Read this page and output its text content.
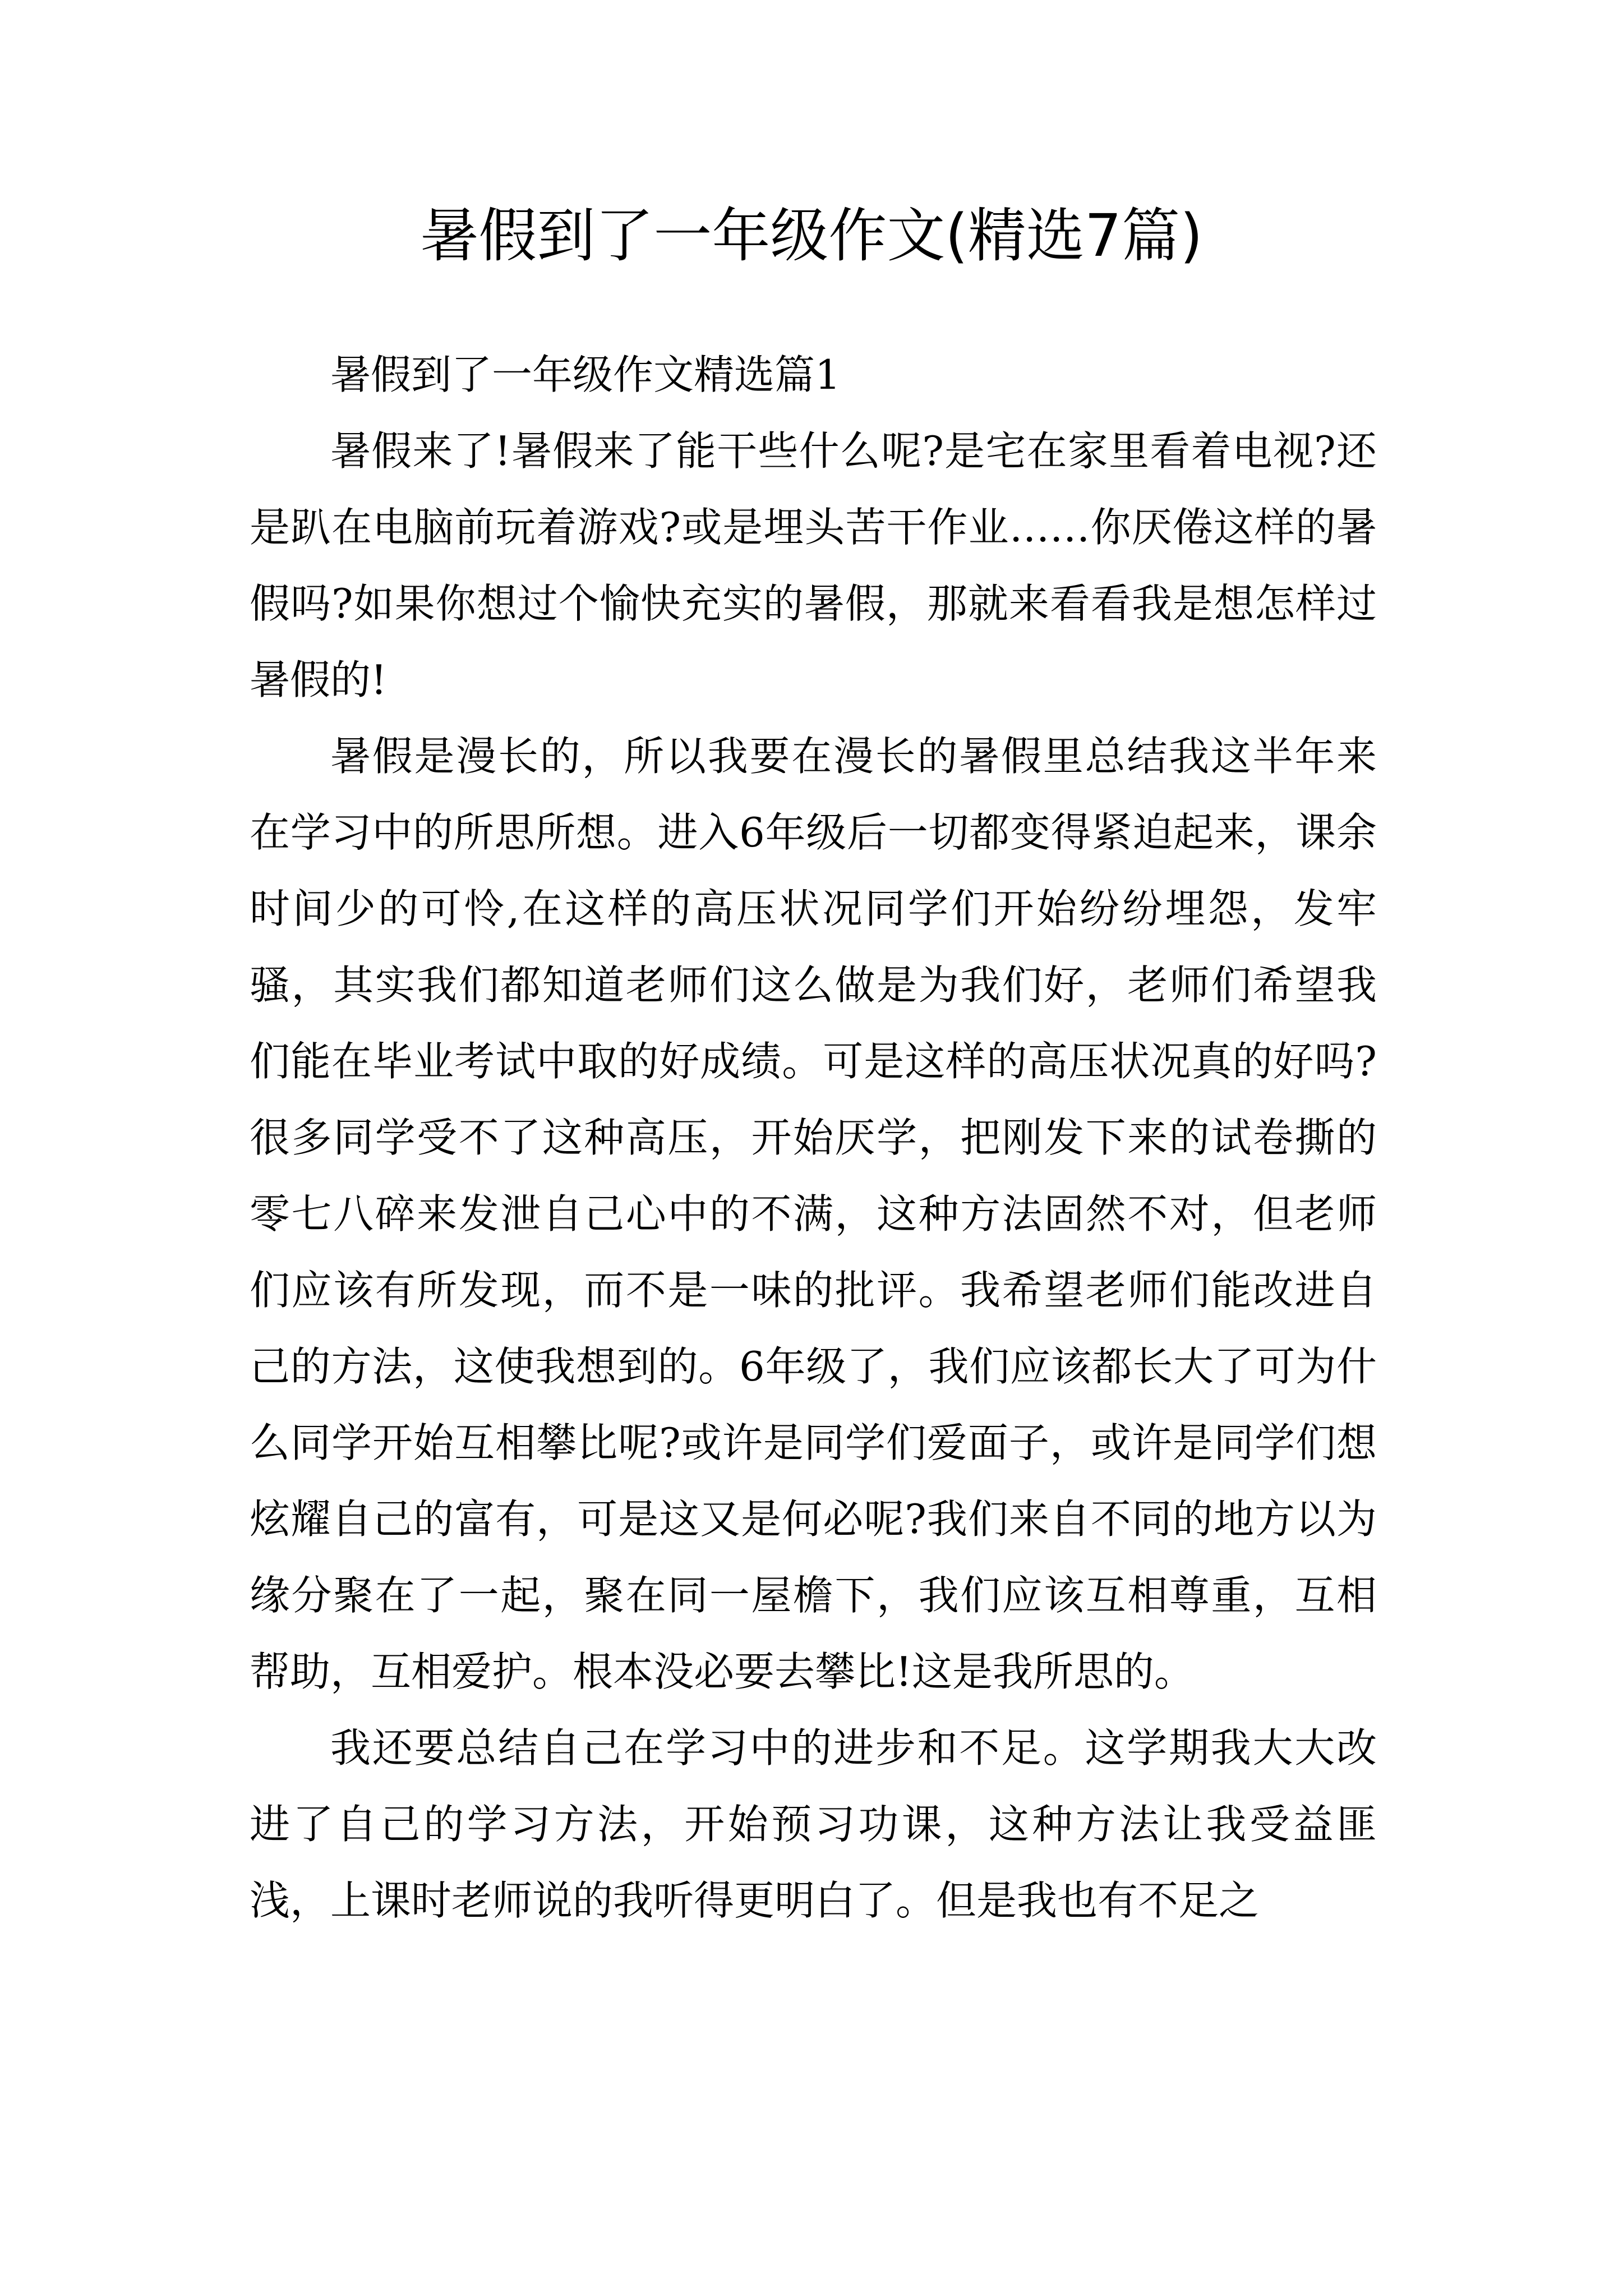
暑假到了一年级作文(精选7篇)
暑假到了一年级作文精选篇1

暑假来了!暑假来了能干些什么呢?是宅在家里看着电视?还是趴在电脑前玩着游戏?或是埋头苦干作业……你厌倦这样的暑假吗?如果你想过个愉快充实的暑假，那就来看看我是想怎样过暑假的!

暑假是漫长的，所以我要在漫长的暑假里总结我这半年来在学习中的所思所想。进入6年级后一切都变得紧迫起来，课余时间少的可怜,在这样的高压状况同学们开始纷纷埋怨，发牢骚，其实我们都知道老师们这么做是为我们好，老师们希望我们能在毕业考试中取的好成绩。可是这样的高压状况真的好吗?很多同学受不了这种高压，开始厌学，把刚发下来的试卷撕的零七八碎来发泄自己心中的不满，这种方法固然不对，但老师们应该有所发现，而不是一味的批评。我希望老师们能改进自己的方法，这使我想到的。6年级了，我们应该都长大了可为什么同学开始互相攀比呢?或许是同学们爱面子，或许是同学们想炫耀自己的富有，可是这又是何必呢?我们来自不同的地方以为缘分聚在了一起，聚在同一屋檐下，我们应该互相尊重，互相帮助，互相爱护。根本没必要去攀比!这是我所思的。

我还要总结自己在学习中的进步和不足。这学期我大大改进了自己的学习方法，开始预习功课，这种方法让我受益匪浅，上课时老师说的我听得更明白了。但是我也有不足之
